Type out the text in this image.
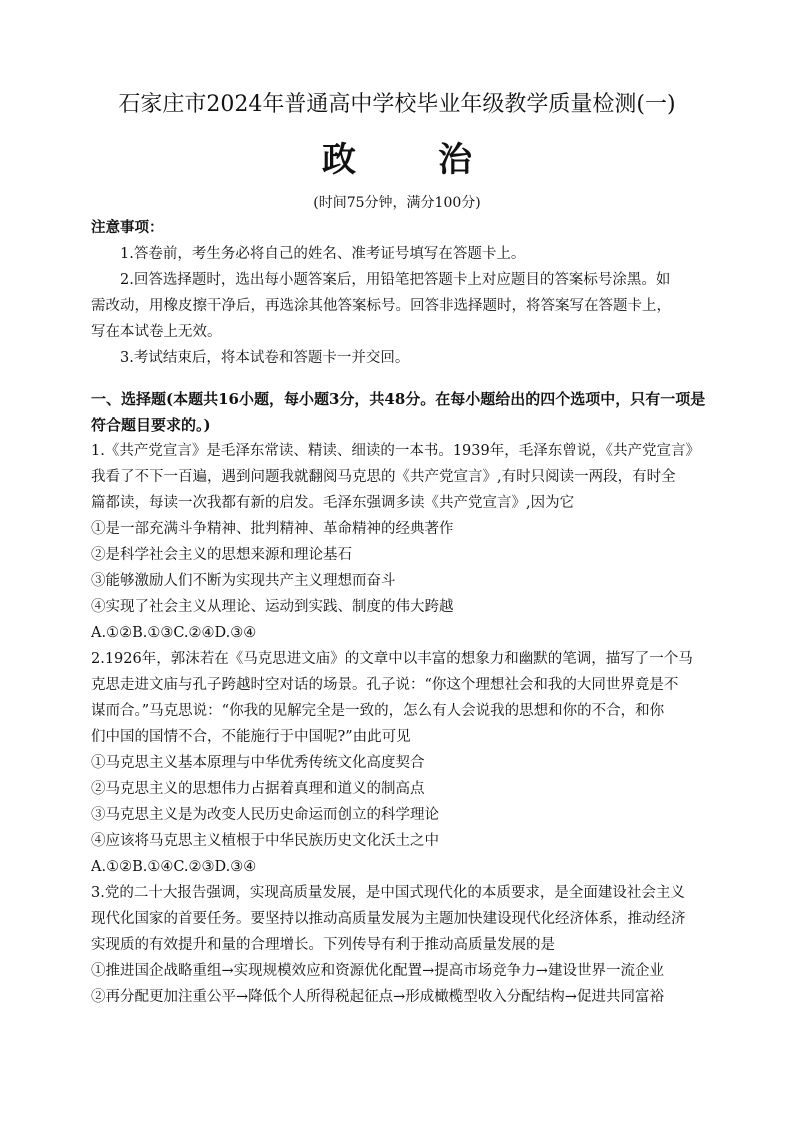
石家庄市2024年普通高中学校毕业年级教学质量检测(一)
政　治
(时间75分钟，满分100分)
注意事项：
1.答卷前，考生务必将自己的姓名、准考证号填写在答题卡上。
2.回答选择题时，选出每小题答案后，用铅笔把答题卡上对应题目的答案标号涂黑。如
需改动，用橡皮擦干净后，再选涂其他答案标号。回答非选择题时，将答案写在答题卡上，
写在本试卷上无效。
3.考试结束后，将本试卷和答题卡一并交回。
一、选择题(本题共16小题，每小题3分，共48分。在每小题给出的四个选项中，只有一项是
符合题目要求的。)
1.《共产党宣言》是毛泽东常读、精读、细读的一本书。1939年，毛泽东曾说，《共产党宣言》
我看了不下一百遍，遇到问题我就翻阅马克思的《共产党宣言》,有时只阅读一两段，有时全
篇都读，每读一次我都有新的启发。毛泽东强调多读《共产党宣言》,因为它
①是一部充满斗争精神、批判精神、革命精神的经典著作
②是科学社会主义的思想来源和理论基石
③能够激励人们不断为实现共产主义理想而奋斗
④实现了社会主义从理论、运动到实践、制度的伟大跨越
A.①②B.①③C.②④D.③④
2.1926年，郭沫若在《马克思进文庙》的文章中以丰富的想象力和幽默的笔调，描写了一个马
克思走进文庙与孔子跨越时空对话的场景。孔子说：“你这个理想社会和我的大同世界竟是不
谋而合。”马克思说：“你我的见解完全是一致的，怎么有人会说我的思想和你的不合，和你
们中国的国情不合，不能施行于中国呢?”由此可见
①马克思主义基本原理与中华优秀传统文化高度契合
②马克思主义的思想伟力占据着真理和道义的制高点
③马克思主义是为改变人民历史命运而创立的科学理论
④应该将马克思主义植根于中华民族历史文化沃土之中
A.①②B.①④C.②③D.③④
3.党的二十大报告强调，实现高质量发展，是中国式现代化的本质要求，是全面建设社会主义
现代化国家的首要任务。要坚持以推动高质量发展为主题加快建设现代化经济体系，推动经济
实现质的有效提升和量的合理增长。下列传导有利于推动高质量发展的是
①推进国企战略重组→实现规模效应和资源优化配置→提高市场竞争力→建设世界一流企业
②再分配更加注重公平→降低个人所得税起征点→形成橄榄型收入分配结构→促进共同富裕
